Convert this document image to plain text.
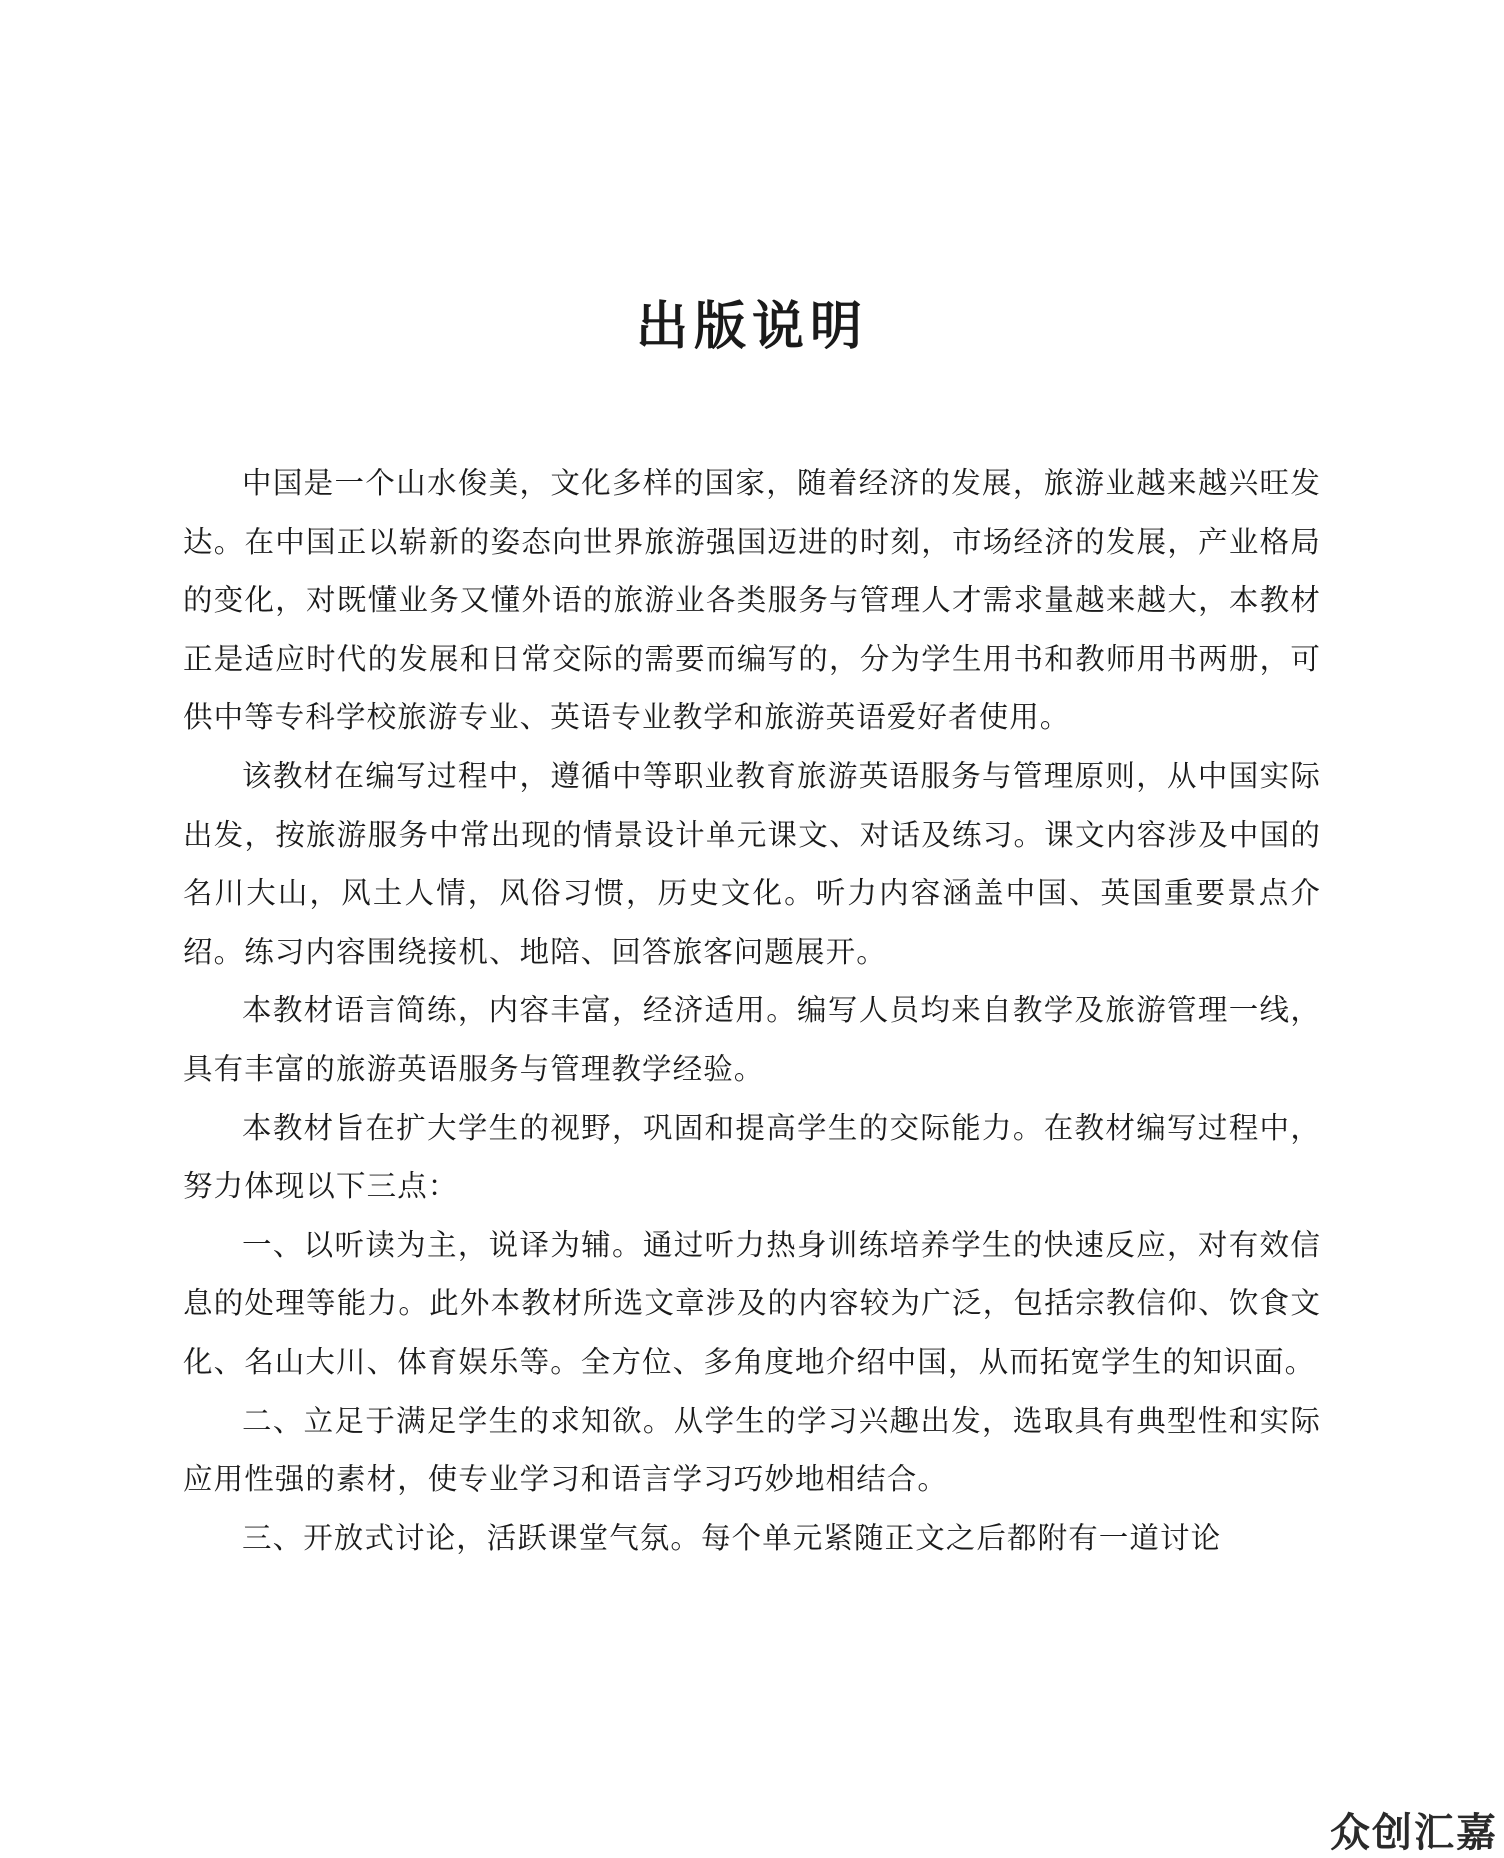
出版说明

中国是一个山水俊美，文化多样的国家，随着经济的发展，旅游业越来越兴旺发达。在中国正以崭新的姿态向世界旅游强国迈进的时刻，市场经济的发展，产业格局的变化，对既懂业务又懂外语的旅游业各类服务与管理人才需求量越来越大，本教材正是适应时代的发展和日常交际的需要而编写的，分为学生用书和教师用书两册，可供中等专科学校旅游专业、英语专业教学和旅游英语爱好者使用。

该教材在编写过程中，遵循中等职业教育旅游英语服务与管理原则，从中国实际出发，按旅游服务中常出现的情景设计单元课文、对话及练习。课文内容涉及中国的名川大山，风土人情，风俗习惯，历史文化。听力内容涵盖中国、英国重要景点介绍。练习内容围绕接机、地陪、回答旅客问题展开。

本教材语言简练，内容丰富，经济适用。编写人员均来自教学及旅游管理一线，具有丰富的旅游英语服务与管理教学经验。

本教材旨在扩大学生的视野，巩固和提高学生的交际能力。在教材编写过程中，努力体现以下三点：

一、以听读为主，说译为辅。通过听力热身训练培养学生的快速反应，对有效信息的处理等能力。此外本教材所选文章涉及的内容较为广泛，包括宗教信仰、饮食文化、名山大川、体育娱乐等。全方位、多角度地介绍中国，从而拓宽学生的知识面。

二、立足于满足学生的求知欲。从学生的学习兴趣出发，选取具有典型性和实际应用性强的素材，使专业学习和语言学习巧妙地相结合。

三、开放式讨论，活跃课堂气氛。每个单元紧随正文之后都附有一道讨论

众创汇嘉
